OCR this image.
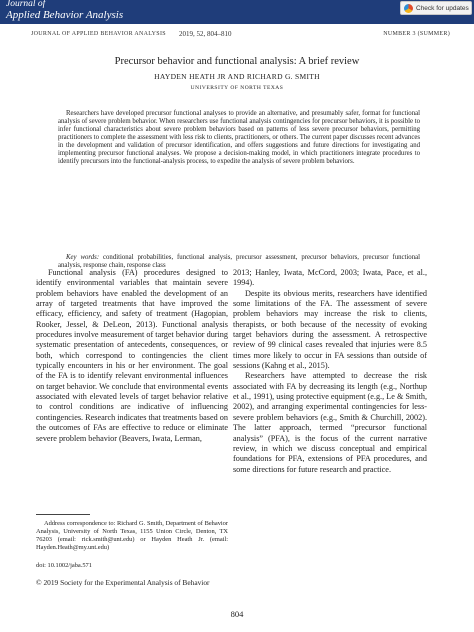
Journal of
Applied Behavior Analysis
Check for updates
JOURNAL OF APPLIED BEHAVIOR ANALYSIS 2019, 52, 804–810	NUMBER 3 (SUMMER)
Precursor behavior and functional analysis: A brief review
HAYDEN HEATH JR AND RICHARD G. SMITH
UNIVERSITY OF NORTH TEXAS
Researchers have developed precursor functional analyses to provide an alternative, and presumably safer, format for functional analysis of severe problem behavior. When researchers use functional analysis contingencies for precursor behaviors, it is possible to infer functional characteristics about severe problem behaviors based on patterns of less severe precursor behaviors, permitting practitioners to complete the assessment with less risk to clients, practitioners, or others. The current paper discusses recent advances in the development and validation of precursor identification, and offers suggestions and future directions for investigating and implementing precursor functional analyses. We propose a decision-making model, in which practitioners integrate procedures to identify precursors into the functional-analysis process, to expedite the analysis of severe problem behaviors.
Key words: conditional probabilities, functional analysis, precursor assessment, precursor behaviors, precursor functional analysis, response chain, response class

Functional analysis (FA) procedures designed to identify environmental variables that maintain severe problem behaviors have enabled the development of an array of targeted treatments that have improved the efficacy, efficiency, and safety of treatment (Hagopian, Rooker, Jessel, & DeLeon, 2013). Functional analysis procedures involve measurement of target behavior during systematic presentation of antecedents, consequences, or both, which correspond to contingencies the client typically encounters in his or her environment. The goal of the FA is to identify relevant environmental influences on target behavior. We conclude that environmental events associated with elevated levels of target behavior relative to control conditions are indicative of influencing contingencies. Research indicates that treatments based on the outcomes of FAs are effective to reduce or eliminate severe problem behavior (Beavers, Iwata, Lerman,

2013; Hanley, Iwata, McCord, 2003; Iwata, Pace, et al., 1994).

Despite its obvious merits, researchers have identified some limitations of the FA. The assessment of severe problem behaviors may increase the risk to clients, therapists, or both because of the necessity of evoking target behaviors during the assessment. A retrospective review of 99 clinical cases revealed that injuries were 8.5 times more likely to occur in FA sessions than outside of sessions (Kahng et al., 2015).

Researchers have attempted to decrease the risk associated with FA by decreasing its length (e.g., Northup et al., 1991), using protective equipment (e.g., Le & Smith, 2002), and arranging experimental contingencies for less-severe problem behaviors (e.g., Smith & Churchill, 2002). The latter approach, termed “precursor functional analysis” (PFA), is the focus of the current narrative review, in which we discuss conceptual and empirical foundations for PFA, extensions of PFA procedures, and some directions for future research and practice.

Address correspondence to: Richard G. Smith, Department of Behavior Analysis, University of North Texas, 1155 Union Circle, Denton, TX 76203 (email: rick.smith@unt.edu) or Hayden Heath Jr. (email: Hayden.Heath@my.unt.edu)
doi: 10.1002/jaba.571
© 2019 Society for the Experimental Analysis of Behavior
804
